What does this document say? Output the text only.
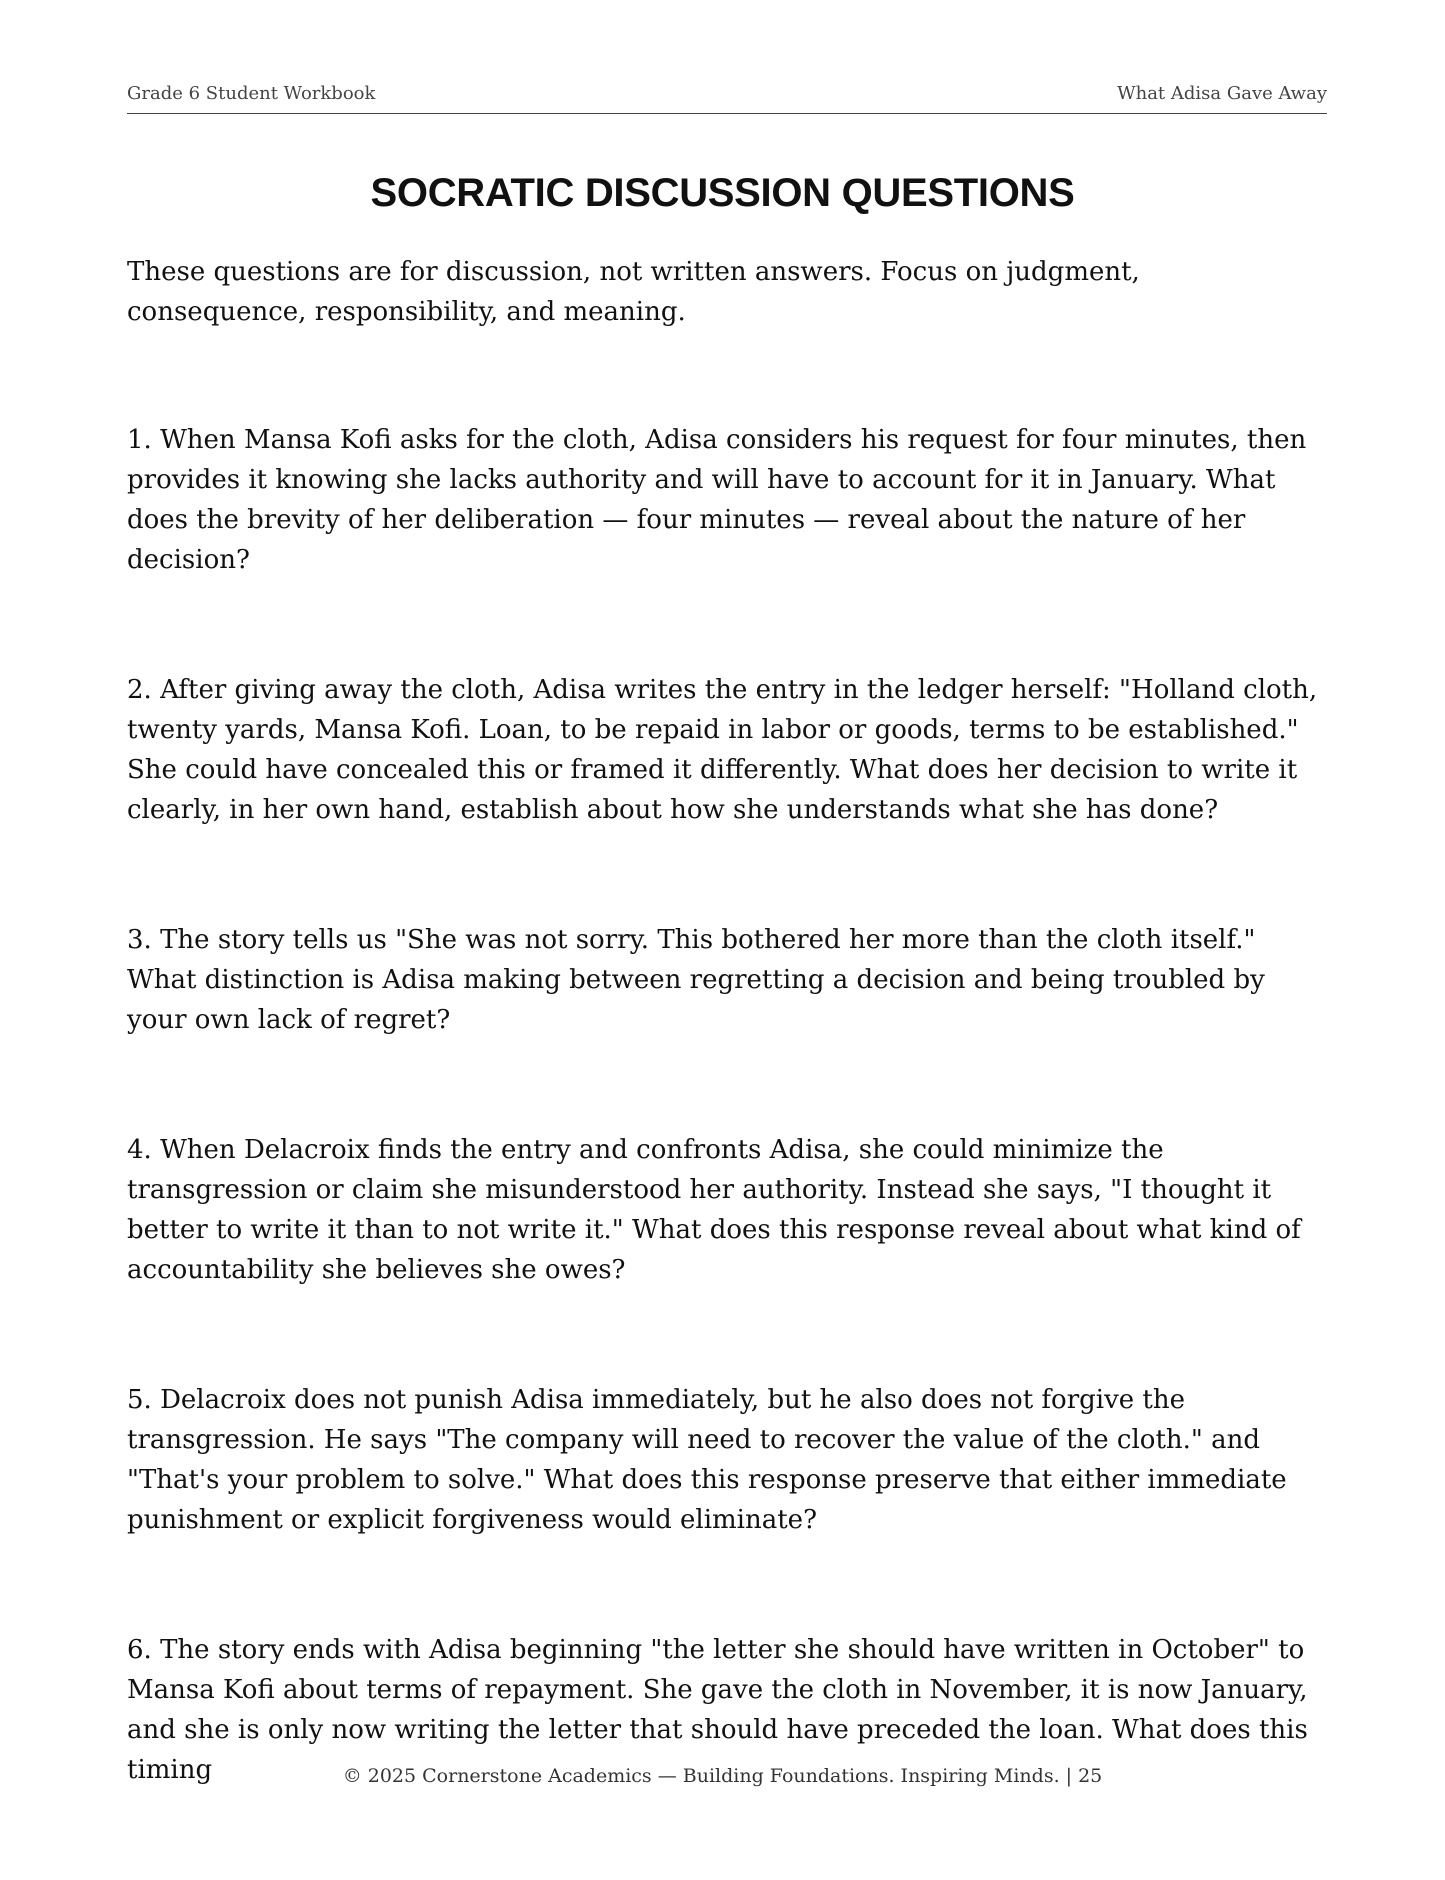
Grade 6 Student Workbook	What Adisa Gave Away
SOCRATIC DISCUSSION QUESTIONS

These questions are for discussion, not written answers. Focus on judgment, consequence, responsibility, and meaning.

1. When Mansa Kofi asks for the cloth, Adisa considers his request for four minutes, then provides it knowing she lacks authority and will have to account for it in January. What does the brevity of her deliberation — four minutes — reveal about the nature of her decision?

2. After giving away the cloth, Adisa writes the entry in the ledger herself: "Holland cloth, twenty yards, Mansa Kofi. Loan, to be repaid in labor or goods, terms to be established." She could have concealed this or framed it differently. What does her decision to write it clearly, in her own hand, establish about how she understands what she has done?

3. The story tells us "She was not sorry. This bothered her more than the cloth itself." What distinction is Adisa making between regretting a decision and being troubled by your own lack of regret?

4. When Delacroix finds the entry and confronts Adisa, she could minimize the transgression or claim she misunderstood her authority. Instead she says, "I thought it better to write it than to not write it." What does this response reveal about what kind of accountability she believes she owes?

5. Delacroix does not punish Adisa immediately, but he also does not forgive the transgression. He says "The company will need to recover the value of the cloth." and "That's your problem to solve." What does this response preserve that either immediate punishment or explicit forgiveness would eliminate?

6. The story ends with Adisa beginning "the letter she should have written in October" to Mansa Kofi about terms of repayment. She gave the cloth in November, it is now January, and she is only now writing the letter that should have preceded the loan. What does this timing	© 2025 Cornerstone Academics — Building Foundations. Inspiring Minds. | 25
